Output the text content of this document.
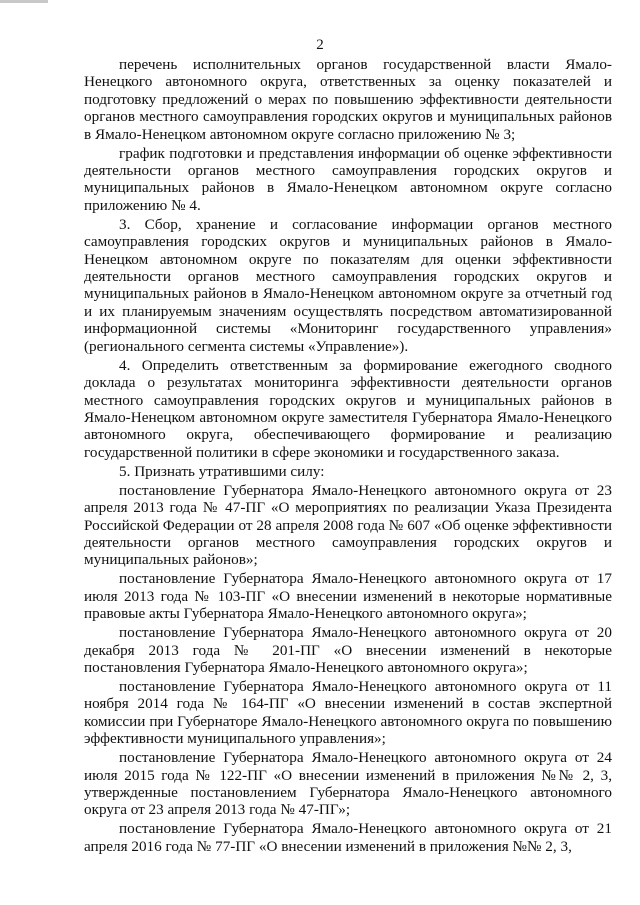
2

перечень исполнительных органов государственной власти Ямало-Ненецкого автономного округа, ответственных за оценку показателей и подготовку предложений о мерах по повышению эффективности деятельности органов местного самоуправления городских округов и муниципальных районов в Ямало-Ненецком автономном округе согласно приложению № 3;

график подготовки и представления информации об оценке эффективности деятельности органов местного самоуправления городских округов и муниципальных районов в Ямало-Ненецком автономном округе согласно приложению № 4.

3. Сбор, хранение и согласование информации органов местного самоуправления городских округов и муниципальных районов в Ямало-Ненецком автономном округе по показателям для оценки эффективности деятельности органов местного самоуправления городских округов и муниципальных районов в Ямало-Ненецком автономном округе за отчетный год и их планируемым значениям осуществлять посредством автоматизированной информационной системы «Мониторинг государственного управления» (регионального сегмента системы «Управление»).

4. Определить ответственным за формирование ежегодного сводного доклада о результатах мониторинга эффективности деятельности органов местного самоуправления городских округов и муниципальных районов в Ямало-Ненецком автономном округе заместителя Губернатора Ямало-Ненецкого автономного округа, обеспечивающего формирование и реализацию государственной политики в сфере экономики и государственного заказа.

5. Признать утратившими силу:

постановление Губернатора Ямало-Ненецкого автономного округа от 23 апреля 2013 года № 47-ПГ «О мероприятиях по реализации Указа Президента Российской Федерации от 28 апреля 2008 года № 607 «Об оценке эффективности деятельности органов местного самоуправления городских округов и муниципальных районов»;

постановление Губернатора Ямало-Ненецкого автономного округа от 17 июля 2013 года № 103-ПГ «О внесении изменений в некоторые нормативные правовые акты Губернатора Ямало-Ненецкого автономного округа»;

постановление Губернатора Ямало-Ненецкого автономного округа от 20 декабря 2013 года № 201-ПГ «О внесении изменений в некоторые постановления Губернатора Ямало-Ненецкого автономного округа»;

постановление Губернатора Ямало-Ненецкого автономного округа от 11 ноября 2014 года № 164-ПГ «О внесении изменений в состав экспертной комиссии при Губернаторе Ямало-Ненецкого автономного округа по повышению эффективности муниципального управления»;

постановление Губернатора Ямало-Ненецкого автономного округа от 24 июля 2015 года № 122-ПГ «О внесении изменений в приложения №№ 2, 3, утвержденные постановлением Губернатора Ямало-Ненецкого автономного округа от 23 апреля 2013 года № 47-ПГ»;

постановление Губернатора Ямало-Ненецкого автономного округа от 21 апреля 2016 года № 77-ПГ «О внесении изменений в приложения №№ 2, 3,
